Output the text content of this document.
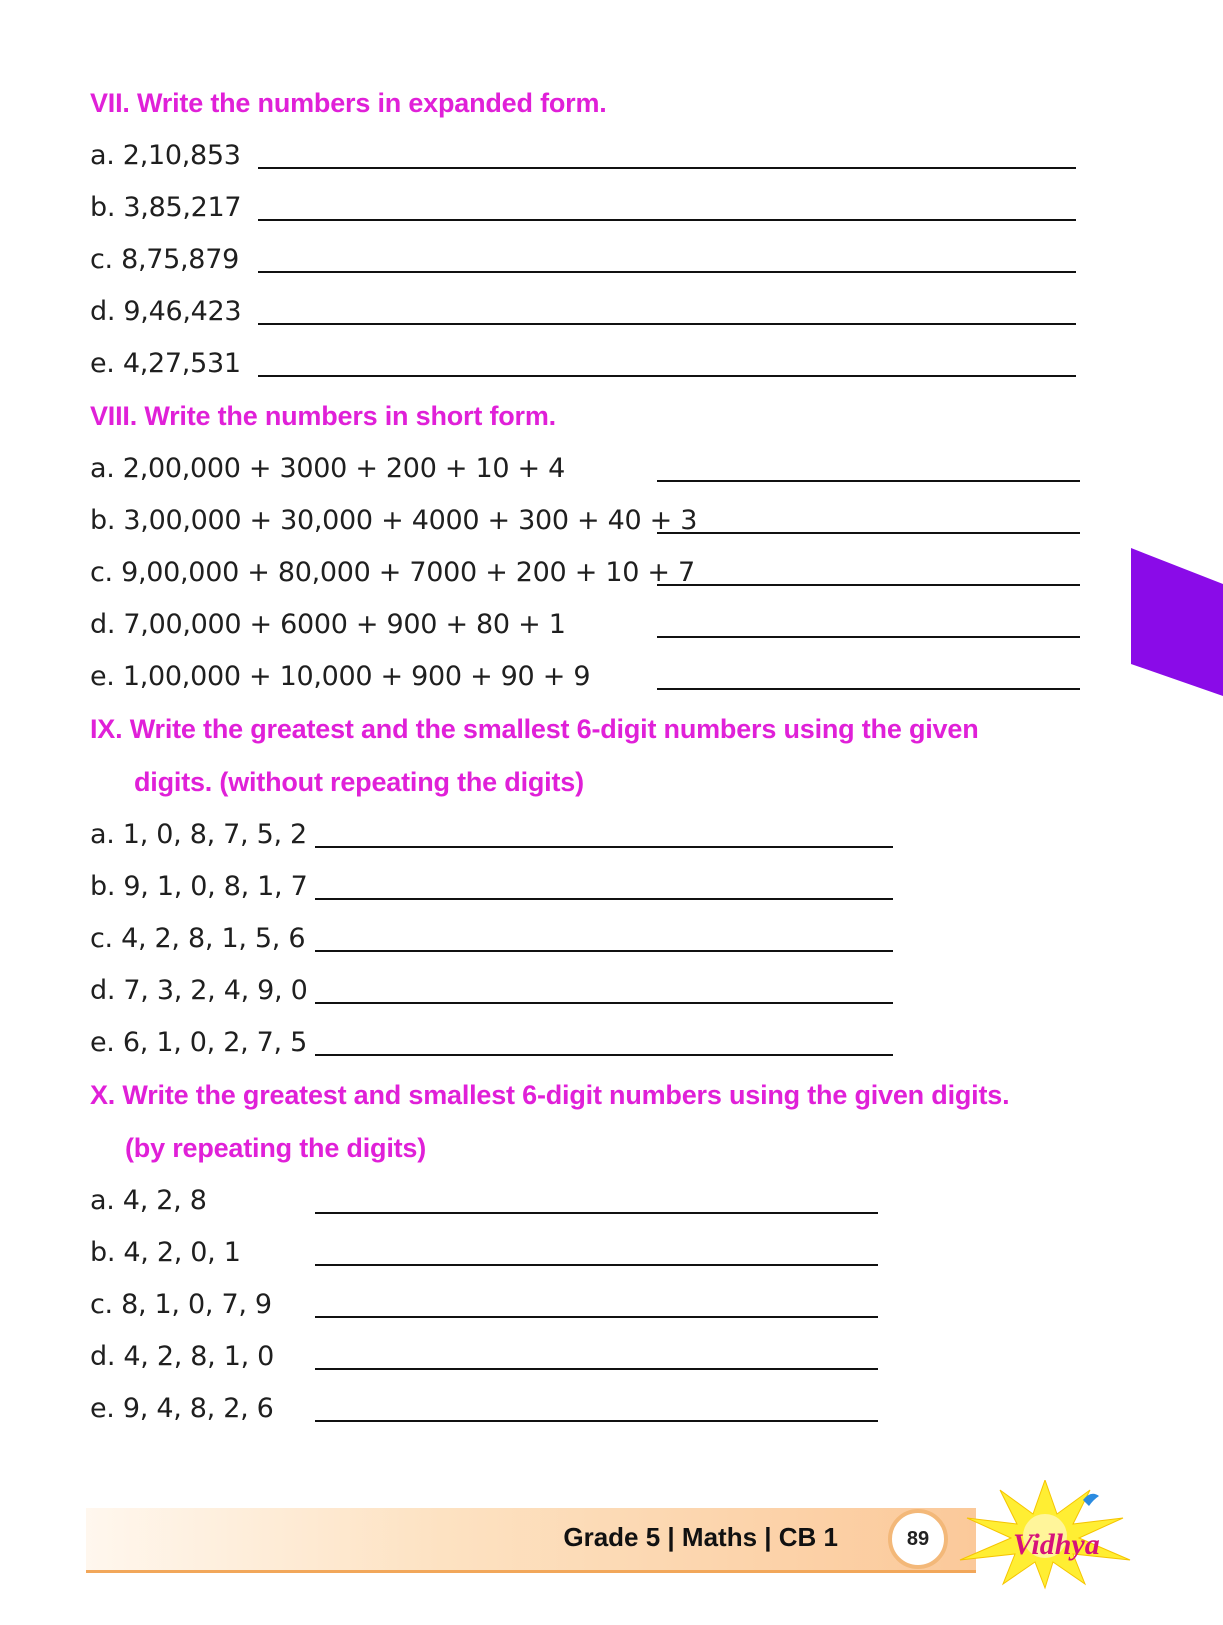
VII. Write the numbers in expanded form.
a. 2,10,853
b. 3,85,217
c. 8,75,879
d. 9,46,423
e. 4,27,531
VIII. Write the numbers in short form.
a. 2,00,000 + 3000 + 200 + 10 + 4
b. 3,00,000 + 30,000 + 4000 + 300 + 40 + 3
c. 9,00,000 + 80,000 + 7000 + 200 + 10 + 7
d. 7,00,000 + 6000 + 900 + 80 + 1
e. 1,00,000 + 10,000 + 900 + 90 + 9
IX. Write the greatest and the smallest 6-digit numbers using the given
digits. (without repeating the digits)
a. 1, 0, 8, 7, 5, 2
b. 9, 1, 0, 8, 1, 7
c. 4, 2, 8, 1, 5, 6
d. 7, 3, 2, 4, 9, 0
e. 6, 1, 0, 2, 7, 5
X. Write the greatest and smallest 6-digit numbers using the given digits.
(by repeating the digits)
a. 4, 2, 8
b. 4, 2, 0, 1
c. 8, 1, 0, 7, 9
d. 4, 2, 8, 1, 0
e. 9, 4, 8, 2, 6
Grade 5 | Maths | CB 1	89	Vidhya
